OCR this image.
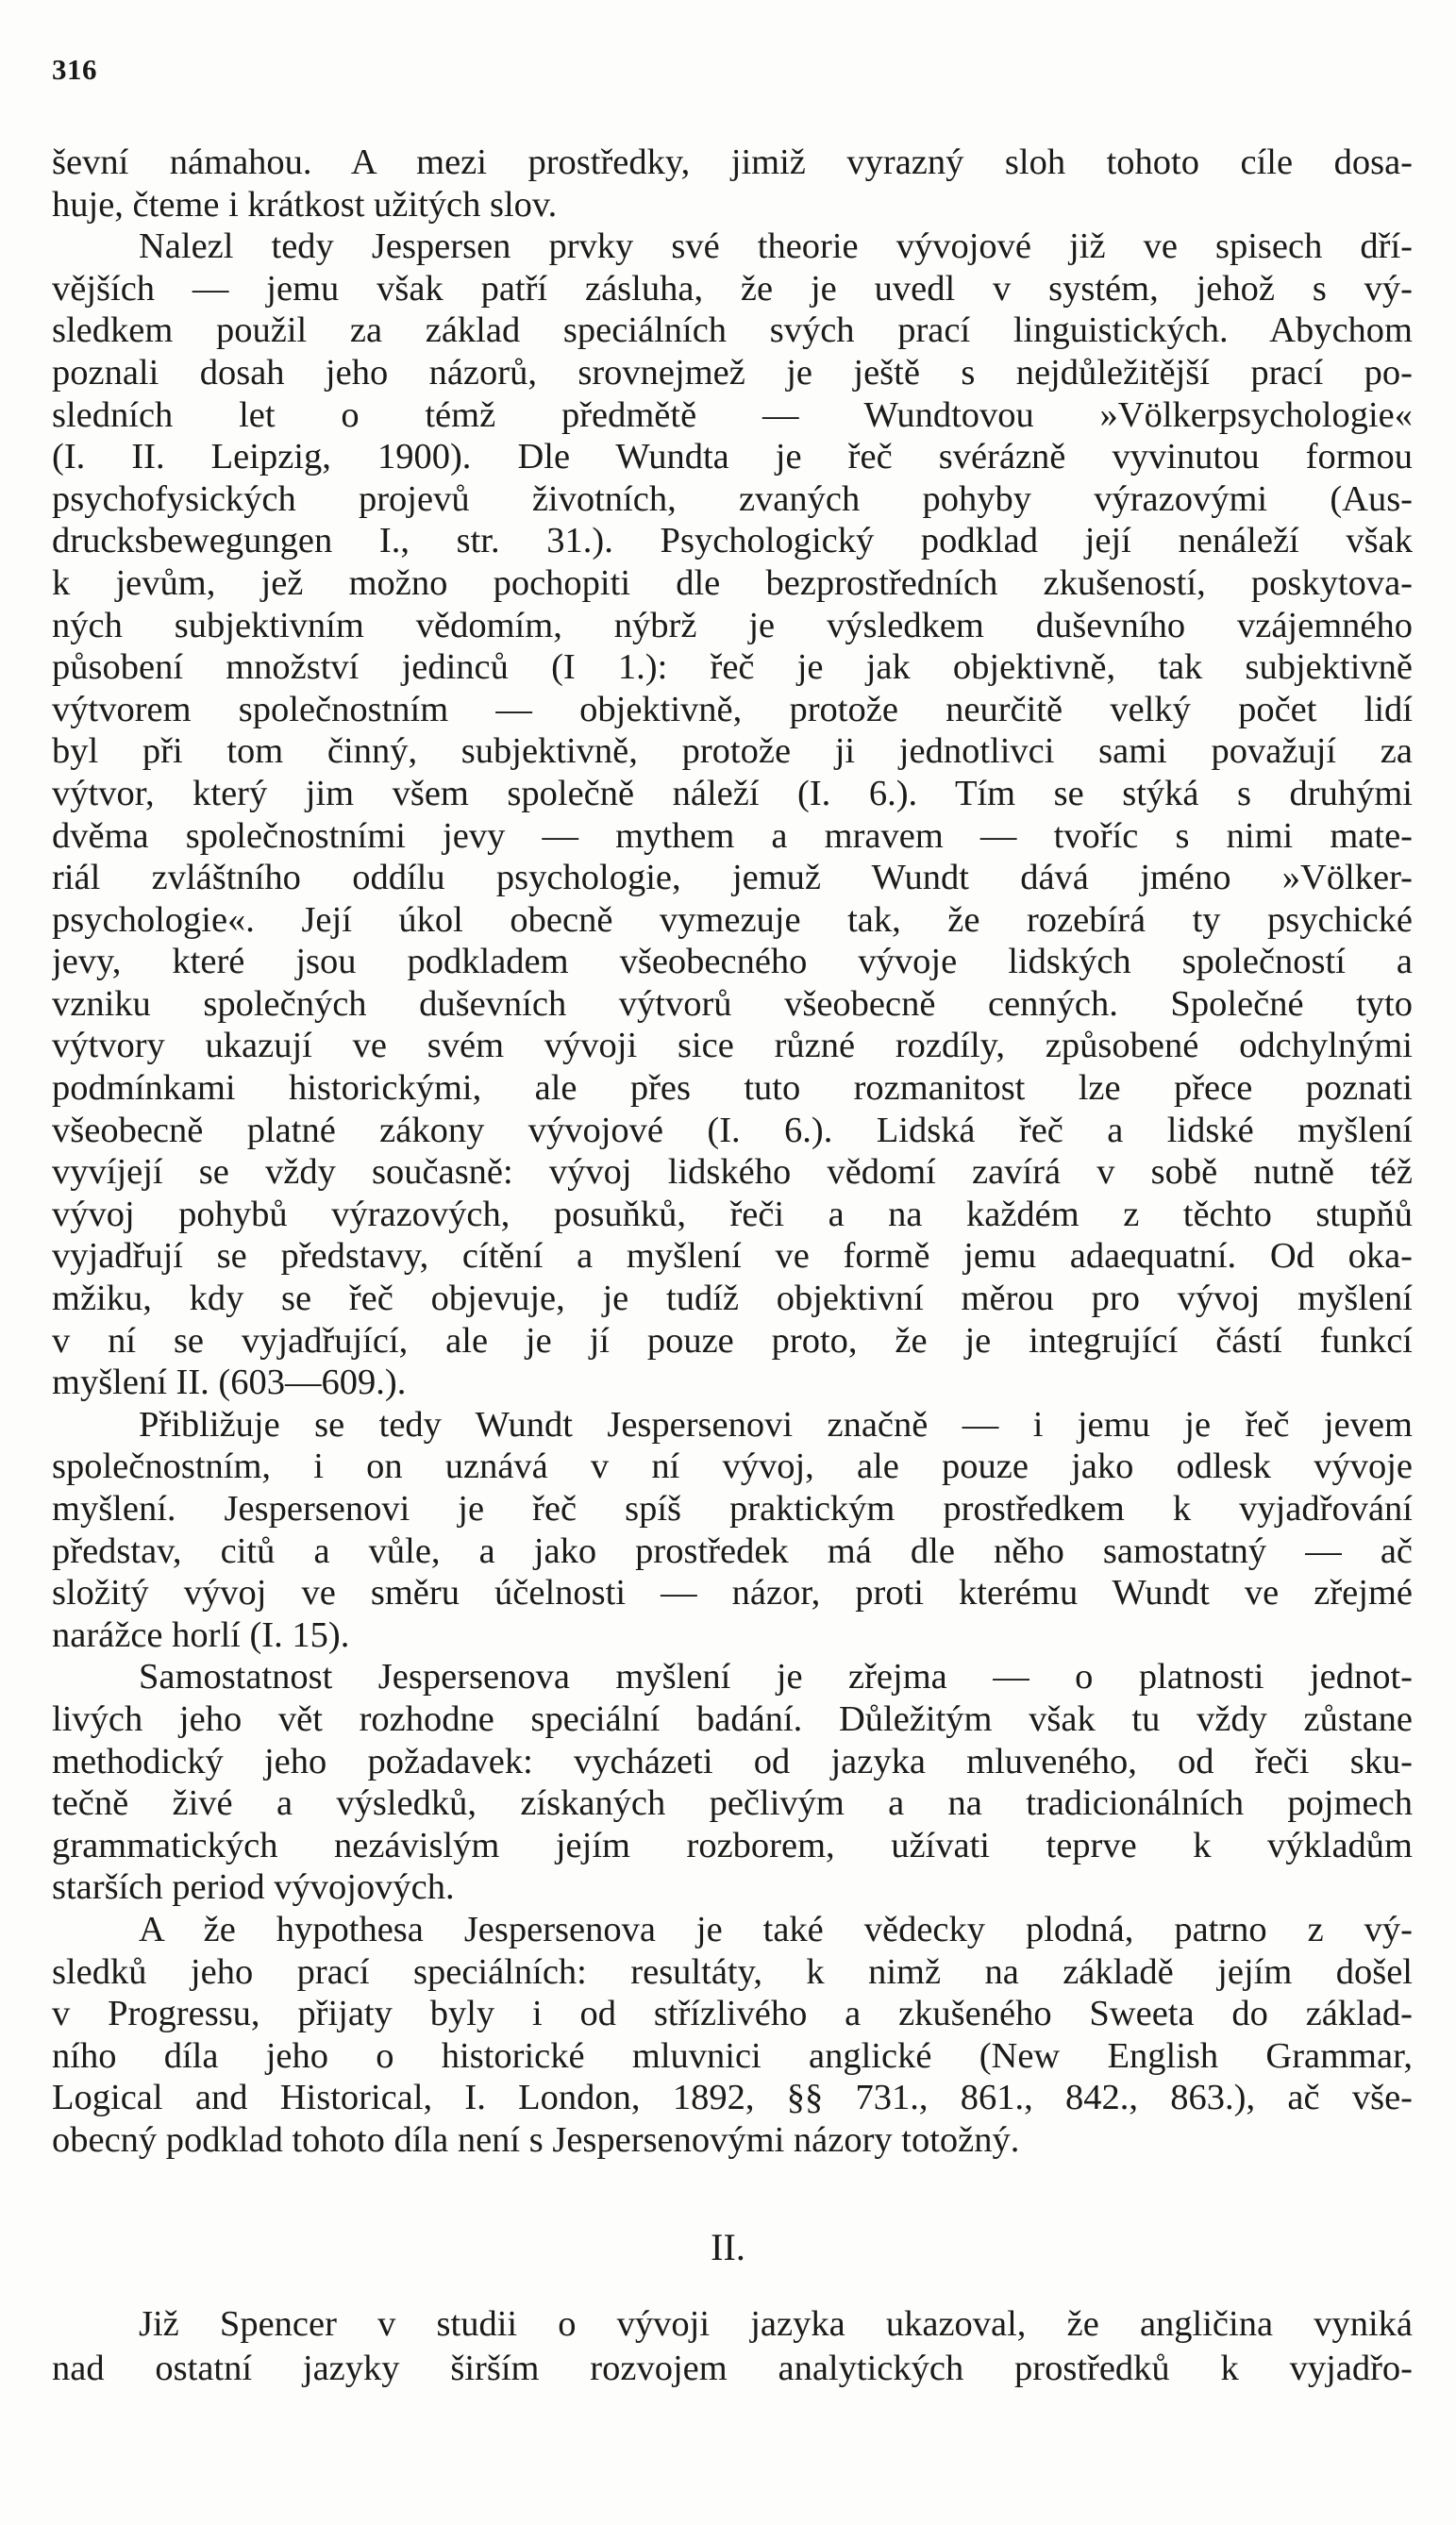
316
ševní námahou. A mezi prostředky, jimiž vyrazný sloh tohoto cíle dosa-
huje, čteme i krátkost užitých slov.
Nalezl tedy Jespersen prvky své theorie vývojové již ve spisech dří-
vějších — jemu však patří zásluha, že je uvedl v systém, jehož s vý-
sledkem použil za základ speciálních svých prací linguistických. Abychom
poznali dosah jeho názorů, srovnejmež je ještě s nejdůležitější prací po-
sledních let o témž předmětě — Wundtovou »Völkerpsychologie«
(I. II. Leipzig, 1900). Dle Wundta je řeč svérázně vyvinutou formou
psychofysických projevů životních, zvaných pohyby výrazovými (Aus-
drucksbewegungen I., str. 31.). Psychologický podklad její nenáleží však
k jevům, jež možno pochopiti dle bezprostředních zkušeností, poskytova-
ných subjektivním vědomím, nýbrž je výsledkem duševního vzájemného
působení množství jedinců (I 1.): řeč je jak objektivně, tak subjektivně
výtvorem společnostním — objektivně, protože neurčitě velký počet lidí
byl při tom činný, subjektivně, protože ji jednotlivci sami považují za
výtvor, který jim všem společně náleží (I. 6.). Tím se stýká s druhými
dvěma společnostními jevy — mythem a mravem — tvoříc s nimi mate-
riál zvláštního oddílu psychologie, jemuž Wundt dává jméno »Völker-
psychologie«. Její úkol obecně vymezuje tak, že rozebírá ty psychické
jevy, které jsou podkladem všeobecného vývoje lidských společností a
vzniku společných duševních výtvorů všeobecně cenných. Společné tyto
výtvory ukazují ve svém vývoji sice různé rozdíly, způsobené odchylnými
podmínkami historickými, ale přes tuto rozmanitost lze přece poznati
všeobecně platné zákony vývojové (I. 6.). Lidská řeč a lidské myšlení
vyvíjejí se vždy současně: vývoj lidského vědomí zavírá v sobě nutně též
vývoj pohybů výrazových, posuňků, řeči a na každém z těchto stupňů
vyjadřují se představy, cítění a myšlení ve formě jemu adaequatní. Od oka-
mžiku, kdy se řeč objevuje, je tudíž objektivní měrou pro vývoj myšlení
v ní se vyjadřující, ale je jí pouze proto, že je integrující částí funkcí
myšlení II. (603—609.).
Přibližuje se tedy Wundt Jespersenovi značně — i jemu je řeč jevem
společnostním, i on uznává v ní vývoj, ale pouze jako odlesk vývoje
myšlení. Jespersenovi je řeč spíš praktickým prostředkem k vyjadřování
představ, citů a vůle, a jako prostředek má dle něho samostatný — ač
složitý vývoj ve směru účelnosti — názor, proti kterému Wundt ve zřejmé
narážce horlí (I. 15).
Samostatnost Jespersenova myšlení je zřejma — o platnosti jednot-
livých jeho vět rozhodne speciální badání. Důležitým však tu vždy zůstane
methodický jeho požadavek: vycházeti od jazyka mluveného, od řeči sku-
tečně živé a výsledků, získaných pečlivým a na tradicionálních pojmech
grammatických nezávislým jejím rozborem, užívati teprve k výkladům
starších period vývojových.
A že hypothesa Jespersenova je také vědecky plodná, patrno z vý-
sledků jeho prací speciálních: resultáty, k nimž na základě jejím došel
v Progressu, přijaty byly i od střízlivého a zkušeného Sweeta do základ-
ního díla jeho o historické mluvnici anglické (New English Grammar,
Logical and Historical, I. London, 1892, §§ 731., 861., 842., 863.), ač vše-
obecný podklad tohoto díla není s Jespersenovými názory totožný.
II.
Již Spencer v studii o vývoji jazyka ukazoval, že angličina vyniká
nad ostatní jazyky širším rozvojem analytických prostředků k vyjadřo-
